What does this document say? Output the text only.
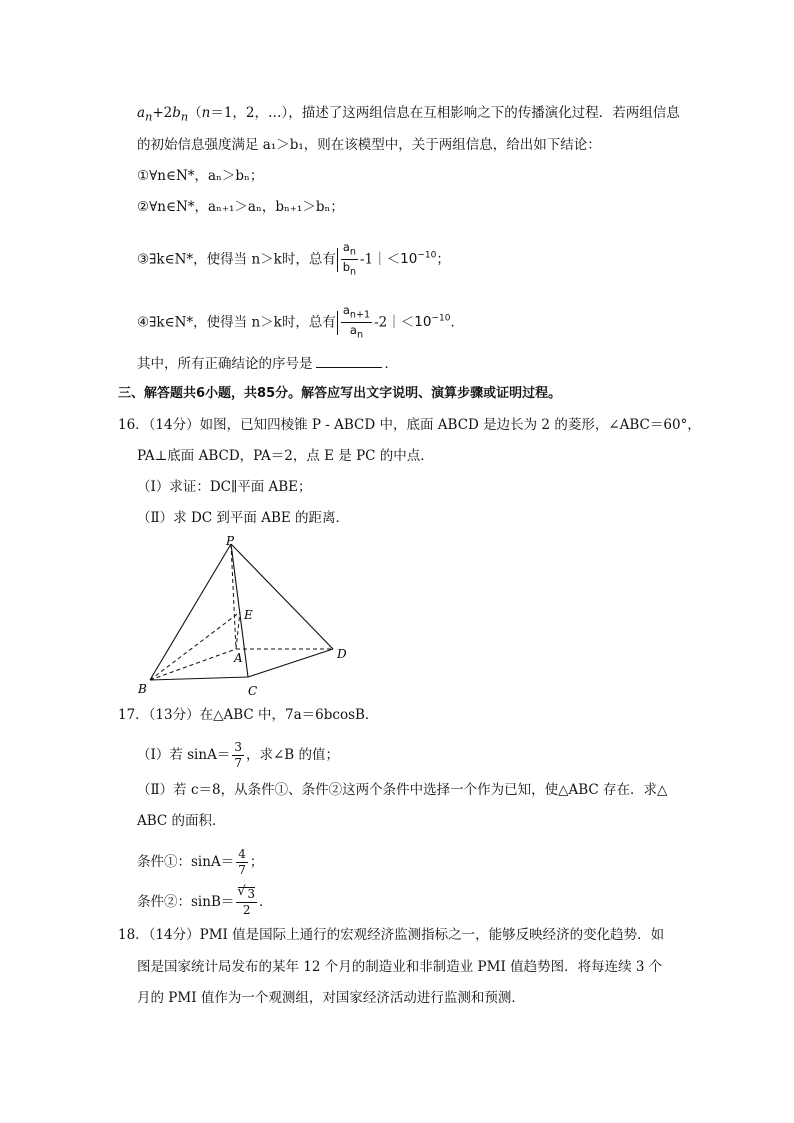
$a_n+2b_n(n=1$，2，…），描述了这两组信息在互相影响之下的传播演化过程．若两组信息
的初始信息强度满足 a₁＞b₁，则在该模型中，关于两组信息，给出如下结论：
①∀n∈N*，aₙ＞bₙ；
②∀n∈N*，aₙ₊₁＞aₙ，bₙ₊₁＞bₙ；
③∃k∈N*，使得当 n＞k时，总有 $\frac{a_n}{b_n}$ $-1|<10^{-10}$；
④∃k∈N*，使得当 n＞k时，总有 $\frac{a_{n+1}}{a_n}$ $-2|<10^{-10}$．
其中，所有正确结论的序号是	．
三、解答题共6小题，共85分。解答应写出文字说明、演算步骤或证明过程。
16．（14分）如图，已知四棱锥 P - ABCD 中，底面 ABCD 是边长为 2 的菱形，∠ABC＝60°，
PA⊥底面 ABCD，PA＝2，点 E 是 PC 的中点．
（Ⅰ）求证：DC∥平面 ABE；
（Ⅱ）求 DC 到平面 ABE 的距离．
P
E
A	D
B	C
17．（13分）在△ABC 中，7a＝6bcosB．
（Ⅰ）若 $\sin A= \frac{3}{7}$ ，求∠B 的值；
（Ⅱ）若 c＝8，从条件①、条件②这两个条件中选择一个作为已知，使△ABC 存在．求△
ABC 的面积．
条件①：$\sin A= \frac{4}{7}$ ；
条件②：sinB＝
√ $\frac{3}{2}$ ．
18．（14分）PMI 值是国际上通行的宏观经济监测指标之一，能够反映经济的变化趋势．如
图是国家统计局发布的某年 12 个月的制造业和非制造业 PMI 值趋势图．将每连续 3 个
月的 PMI 值作为一个观测组，对国家经济活动进行监测和预测．
